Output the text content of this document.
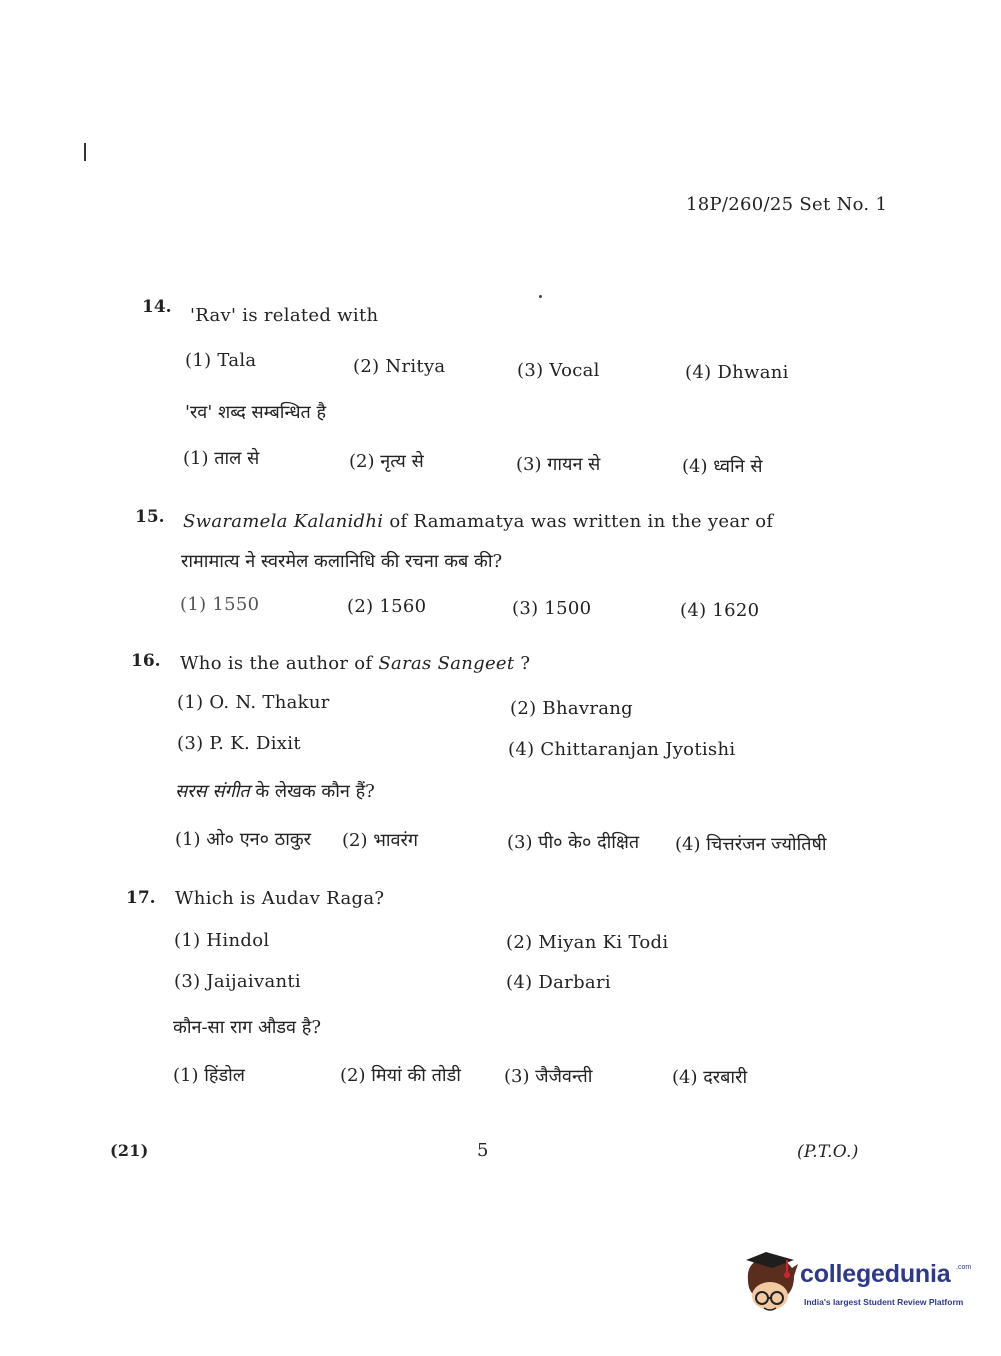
18P/260/25 Set No. 1
14. 'Rav' is related with
(1) Tala	(2) Nritya	(3) Vocal	(4) Dhwani
'रव' शब्द सम्बन्धित है
(1) ताल से	(2) नृत्य से	(3) गायन से	(4) ध्वनि से
15. Swaramela Kalanidhi of Ramamatya was written in the year of
रामामात्य ने स्वरमेल कलानिधि की रचना कब की?
(1) 1550	(2) 1560	(3) 1500	(4) 1620
16. Who is the author of Saras Sangeet ?
(1) O. N. Thakur	(2) Bhavrang
(3) P. K. Dixit	(4) Chittaranjan Jyotishi
सरस संगीत के लेखक कौन हैं?
(1) ओ० एन० ठाकुर (2) भावरंग	(3) पी० के० दीक्षित (4) चित्तरंजन ज्योतिषी
17. Which is Audav Raga?
(1) Hindol	(2) Miyan Ki Todi
(3) Jaijaivanti	(4) Darbari
कौन-सा राग औडव है?
(1) हिंडोल	(2) मियां की तोडी (3) जैजैवन्ती	(4) दरबारी
(21)	5	(P.T.O.)
collegedunia .com
India's largest Student Review Platform
